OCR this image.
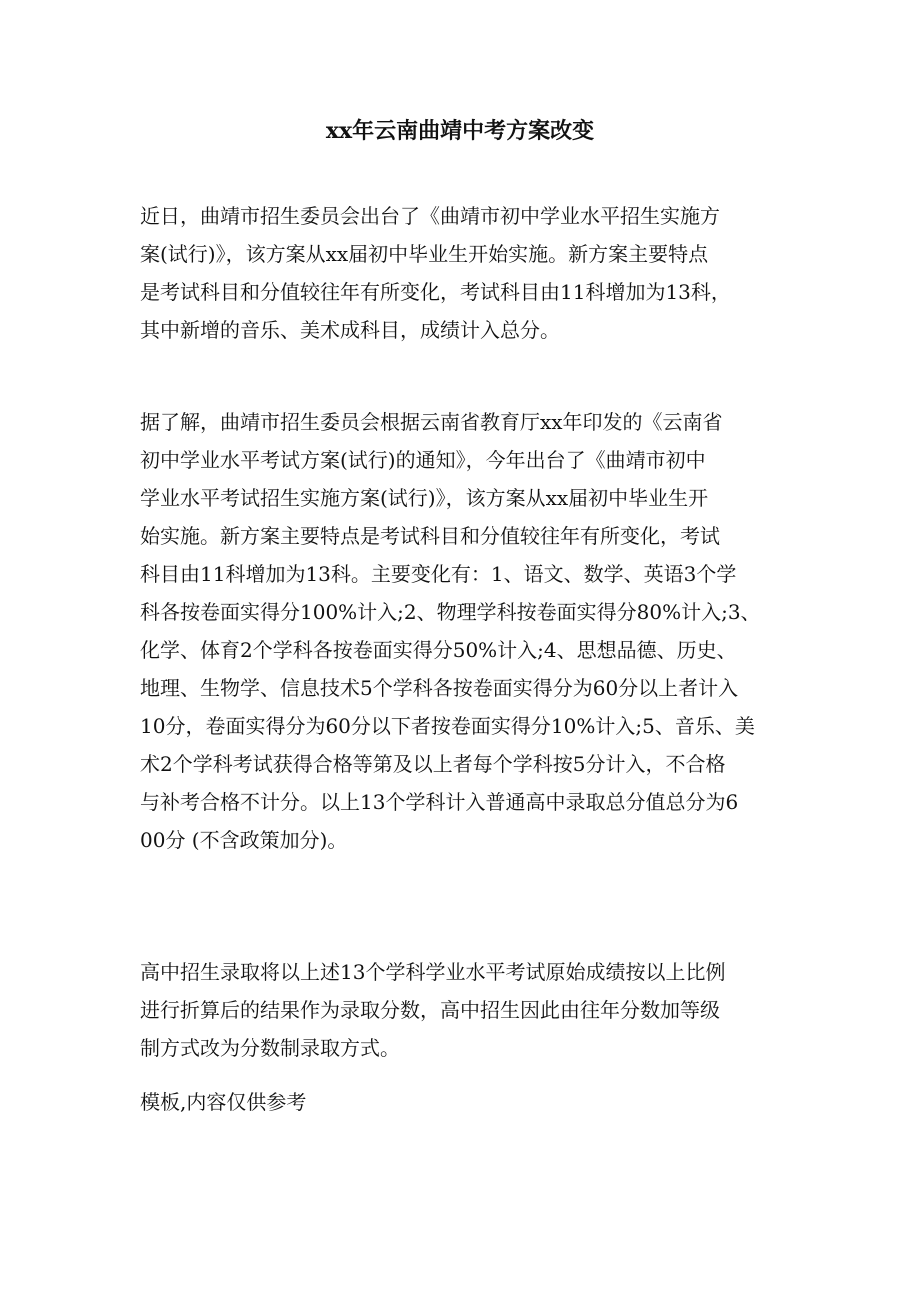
xx年云南曲靖中考方案改变
近日，曲靖市招生委员会出台了《曲靖市初中学业水平招生实施方
案(试行)》，该方案从xx届初中毕业生开始实施。新方案主要特点
是考试科目和分值较往年有所变化，考试科目由11科增加为13科，
其中新增的音乐、美术成科目，成绩计入总分。
据了解，曲靖市招生委员会根据云南省教育厅xx年印发的《云南省
初中学业水平考试方案(试行)的通知》，今年出台了《曲靖市初中
学业水平考试招生实施方案(试行)》，该方案从xx届初中毕业生开
始实施。新方案主要特点是考试科目和分值较往年有所变化，考试
科目由11科增加为13科。主要变化有：1、语文、数学、英语3个学
科各按卷面实得分100%计入;2、物理学科按卷面实得分80%计入;3、
化学、体育2个学科各按卷面实得分50%计入;4、思想品德、历史、
地理、生物学、信息技术5个学科各按卷面实得分为60分以上者计入
10分，卷面实得分为60分以下者按卷面实得分10%计入;5、音乐、美
术2个学科考试获得合格等第及以上者每个学科按5分计入，不合格
与补考合格不计分。以上13个学科计入普通高中录取总分值总分为6
00分 (不含政策加分)。
高中招生录取将以上述13个学科学业水平考试原始成绩按以上比例
进行折算后的结果作为录取分数，高中招生因此由往年分数加等级
制方式改为分数制录取方式。
模板,内容仅供参考
